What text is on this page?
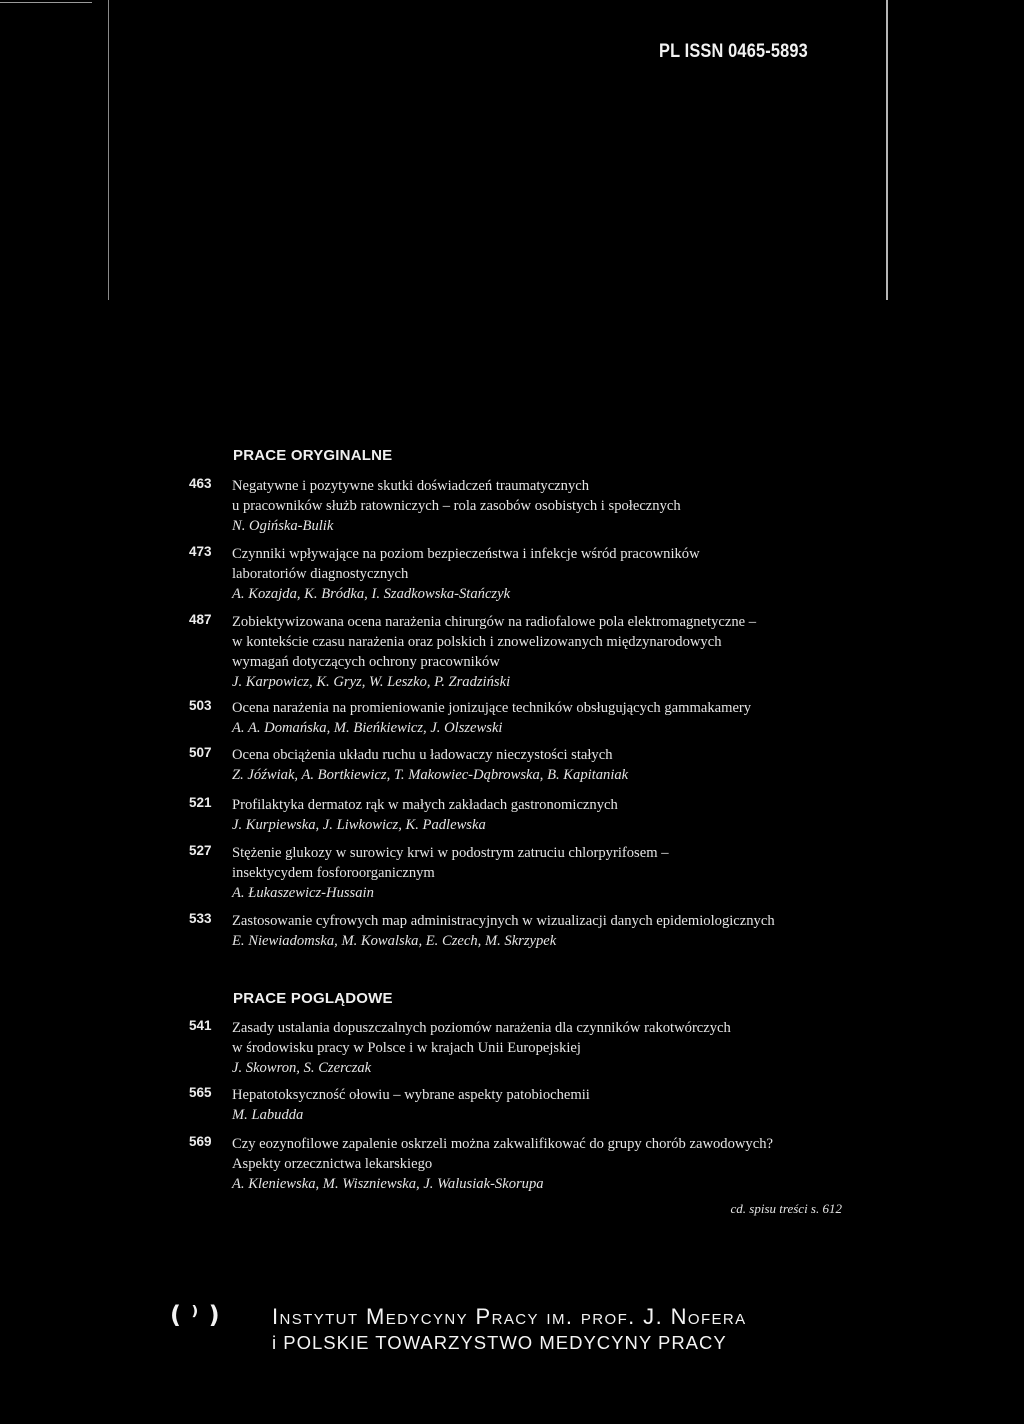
PL ISSN 0465-5893
PRACE ORYGINALNE
463 Negatywne i pozytywne skutki doświadczeń traumatycznych
u pracowników służb ratowniczych – rola zasobów osobistych i społecznych
N. Ogińska-Bulik
473 Czynniki wpływające na poziom bezpieczeństwa i infekcje wśród pracowników
laboratoriów diagnostycznych
A. Kozajda, K. Bródka, I. Szadkowska-Stańczyk
487 Zobiektywizowana ocena narażenia chirurgów na radiofalowe pola elektromagnetyczne –
w kontekście czasu narażenia oraz polskich i znowelizowanych międzynarodowych
wymagań dotyczących ochrony pracowników
J. Karpowicz, K. Gryz, W. Leszko, P. Zradziński
503 Ocena narażenia na promieniowanie jonizujące techników obsługujących gammakamery
A. A. Domańska, M. Bieńkiewicz, J. Olszewski
507 Ocena obciążenia układu ruchu u ładowaczy nieczystości stałych
Z. Jóźwiak, A. Bortkiewicz, T. Makowiec-Dąbrowska, B. Kapitaniak
521 Profilaktyka dermatoz rąk w małych zakładach gastronomicznych
J. Kurpiewska, J. Liwkowicz, K. Padlewska
527 Stężenie glukozy w surowicy krwi w podostrym zatruciu chlorpyrifosem –
insektycydem fosforoorganicznym
A. Łukaszewicz-Hussain
533 Zastosowanie cyfrowych map administracyjnych w wizualizacji danych epidemiologicznych
E. Niewiadomska, M. Kowalska, E. Czech, M. Skrzypek
PRACE POGLĄDOWE
541 Zasady ustalania dopuszczalnych poziomów narażenia dla czynników rakotwórczych
w środowisku pracy w Polsce i w krajach Unii Europejskiej
J. Skowron, S. Czerczak
565 Hepatotoksyczność ołowiu – wybrane aspekty patobiochemii
M. Labudda
569 Czy eozynofilowe zapalenie oskrzeli można zakwalifikować do grupy chorób zawodowych?
Aspekty orzecznictwa lekarskiego
A. Kleniewska, M. Wiszniewska, J. Walusiak-Skorupa
cd. spisu treści s. 612
( ⁾ ) Instytut Medycyny Pracy im. prof. J. Nofera
i POLSKIE TOWARZYSTWO MEDYCYNY PRACY
